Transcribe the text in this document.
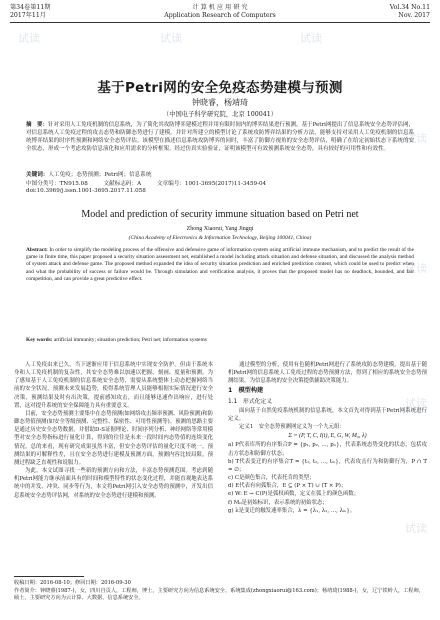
第34卷第11期
2017年11月
计 算 机 应 用 研 究
Application Research of Computers
Vol.34 No.11
Nov. 2017
试读	试读	试读
试读
试读
试读
试读
基于Petri网的安全免疫态势建模与预测
钟晓睿，杨靖琦
（中国电子科学研究院，北京 100041）
摘　要：针对采用人工免疫机制的信息系统，为了简化其攻防博弈建模过程并用有限时间内的博弈结果进行预测，基于Petri网提出了信息系统安全态势评估网，对信息系统人工免疫过程的攻击态势和防御态势进行了建模，并针对所建立的模型讨论了系统攻防博弈结果的分析方法，能够支持对采用人工免疫机制的信息系统博弈结果的时序性预测和网络安全态势评估。该模型在描述信息系统攻防博弈的同时，丰富了防御方视角的安全态势评估，明确了在给定初始状态下系统的安全状态，形成一个考虑攻防信息演化和应用需求的分析框架。经过仿真实验验证，证明该模型可有效预测系统安全态势，具有较好的可用性和有效性。
关键词：人工免疫；态势预测；Petri网；信息系统
中图分类号：TN915.08	文献标志码：A	文章编号：1001-3695(2017)11-3459-04
doi:10.3969/j.issn.1001-3695.2017.11.058
Model and prediction of security immune situation based on Petri net
Zhong Xiaorui, Yang Jingqi
(China Academy of Electronics & Information Technology, Beijing 100041, China)
Abstract: In order to simplify the modeling process of the offensive and defensive game of information system using artificial immune mechanism, and to predict the result of the game in finite time, this paper proposed a security situation assessment net, established a model including attack situation and defense situation, and discussed the analysis method of system attack and defense game. The proposed method expanded the idea of security situation prediction and enriched prediction content, which could be used to predict when and what the probability of success or failure would be. Through simulation and verification analysis, it proves that the proposed model has no deadlock, bounded, and fair competition, and can provide a great predictive effect.
Key words: artificial immunity; situation prediction; Petri net; information systems

人工免疫由来已久，当下逐渐应用于信息系统中实现安全防护。但由于系统本身和人工免疫机制的复杂性，其安全态势难以加速以把握、刻画、度量和预测。为了感知基于人工免疫机制的信息系统安全态势，需要从系统整体上动态把握网络当前的安全状况，预测未来发展趋势，使得系统管理人员能够根据实际情况进行安全决策，预测结果及时有出决策，提前感知攻击，而且能够迅速作出响应，进行处置，这对提升系统的安全保障能力具有重要意义。

目前，安全态势预测主要集中在态势预测(如网络攻击频率预测、风险预测)和防御态势值预测(如安全等级预测、完整性、保密性、可用性预测等)。预测的思路主要是通过历史安全态势数据，并借助D-S证据理论、时间序列分析、神经网络等常用模型对安全态势指标进行量化计算，得到的往往是未来一段时间内态势值的连续变化情况。总的来看，现有研究成果虽然丰富，但安全态势评估的量化尺度不统一，预测结果的可解释性差，且在安全态势进行建模及预测方面，预测内容比较局限，预测过程缺乏直观性和说服力。

为此，本文试图寻找一些新的预测方向和方法，丰富态势预测范围。考虑到随机Petri网能力继承前面具有的时间和模型特性的状态变化过程，并能直观地表达系统中的并发、冲突、同步等行为，本文将Petri网引入安全态势的预测中，开发出信息系统安全态势评估网，对系统的安全态势进行建模和预测。

通过模型的分析，使用有色随机Petri网进行了系统攻防态势建模，提出基于随机Petri网的信息系统人工免疫过程的态势预测方法，得到了相应的系统安全态势预测结果，为信息系统的安全决策提供辅助决策能力。

1　模型构建
1.1　形式化定义

面向基于自然免疫系统机制的信息系统，本文首先对得到基于Petri网系统进行定义。

定义1　安全态势预测网定义为一个九元组：

Σ = (P, T, C, I(t), E, G, W, M₀, λ)

a) P代表库所的有序集合P = {p₁, p₂, …, pₙ}，代表系统态势变化的状态，包括攻击方状态和防御方状态；

b) T代表变迁的有序集合T = {t₁, t₂, …, tₘ}，代表攻击行为和防御行为，P ∩ T = ∅；

c) C是颜色集合，代表托肯的类型；

d) E代表有向弧集合，E ⊆ (P × T) ∪ (T × P)；

e) W: E → C(P)是弧权函数，定义在弧上的颜色函数；

f) M₀是初始标识，表示系统的初始状态；

g) λ是变迁的触发速率集合，λ = {λ₁, λ₂, …, λₘ}。

收稿日期：2016-08-10；修回日期：2016-09-30
作者简介：钟晓睿(1987-)，女，四川自贡人，工程师，博士，主要研究方向为信息系统安全、系统集成(zhongxiaorui@163.com)；杨靖琦(1988-)，女，辽宁铁岭人，工程师，硕士，主要研究方向为云计算、大数据、信息系统安全。
